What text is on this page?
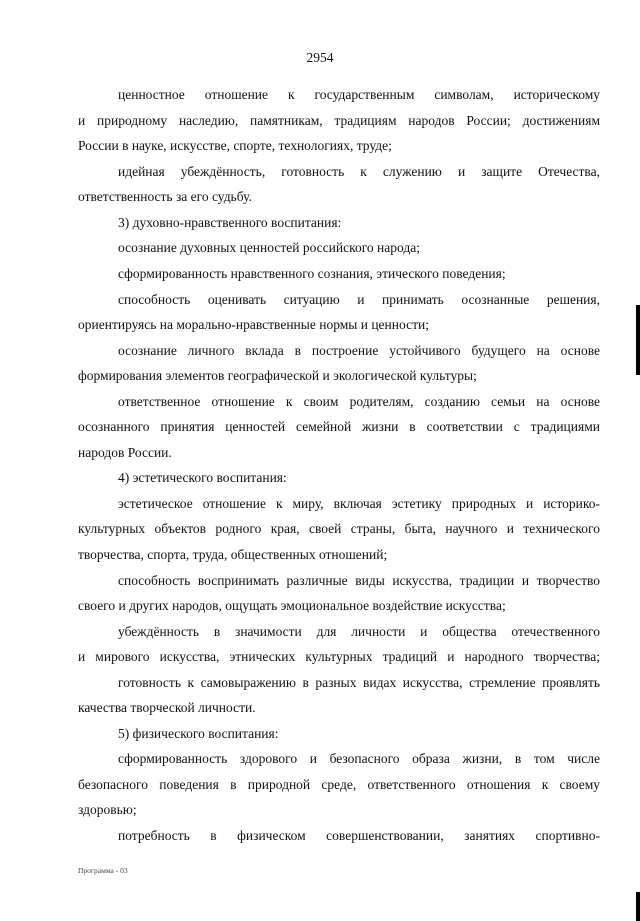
2954
ценностное отношение к государственным символам, историческому
и природному наследию, памятникам, традициям народов России; достижениям
России в науке, искусстве, спорте, технологиях, труде;
идейная убеждённость, готовность к служению и защите Отечества,
ответственность за его судьбу.
3) духовно-нравственного воспитания:
осознание духовных ценностей российского народа;
сформированность нравственного сознания, этического поведения;
способность оценивать ситуацию и принимать осознанные решения,
ориентируясь на морально-нравственные нормы и ценности;
осознание личного вклада в построение устойчивого будущего на основе
формирования элементов географической и экологической культуры;
ответственное отношение к своим родителям, созданию семьи на основе
осознанного принятия ценностей семейной жизни в соответствии с традициями
народов России.
4) эстетического воспитания:
эстетическое отношение к миру, включая эстетику природных и историко-
культурных объектов родного края, своей страны, быта, научного и технического
творчества, спорта, труда, общественных отношений;
способность воспринимать различные виды искусства, традиции и творчество
своего и других народов, ощущать эмоциональное воздействие искусства;
убеждённость в значимости для личности и общества отечественного
и мирового искусства, этнических культурных традиций и народного творчества;
готовность к самовыражению в разных видах искусства, стремление проявлять
качества творческой личности.
5) физического воспитания:
сформированность здорового и безопасного образа жизни, в том числе
безопасного поведения в природной среде, ответственного отношения к своему
здоровью;
потребность в физическом совершенствовании, занятиях спортивно-
Программа - 03
